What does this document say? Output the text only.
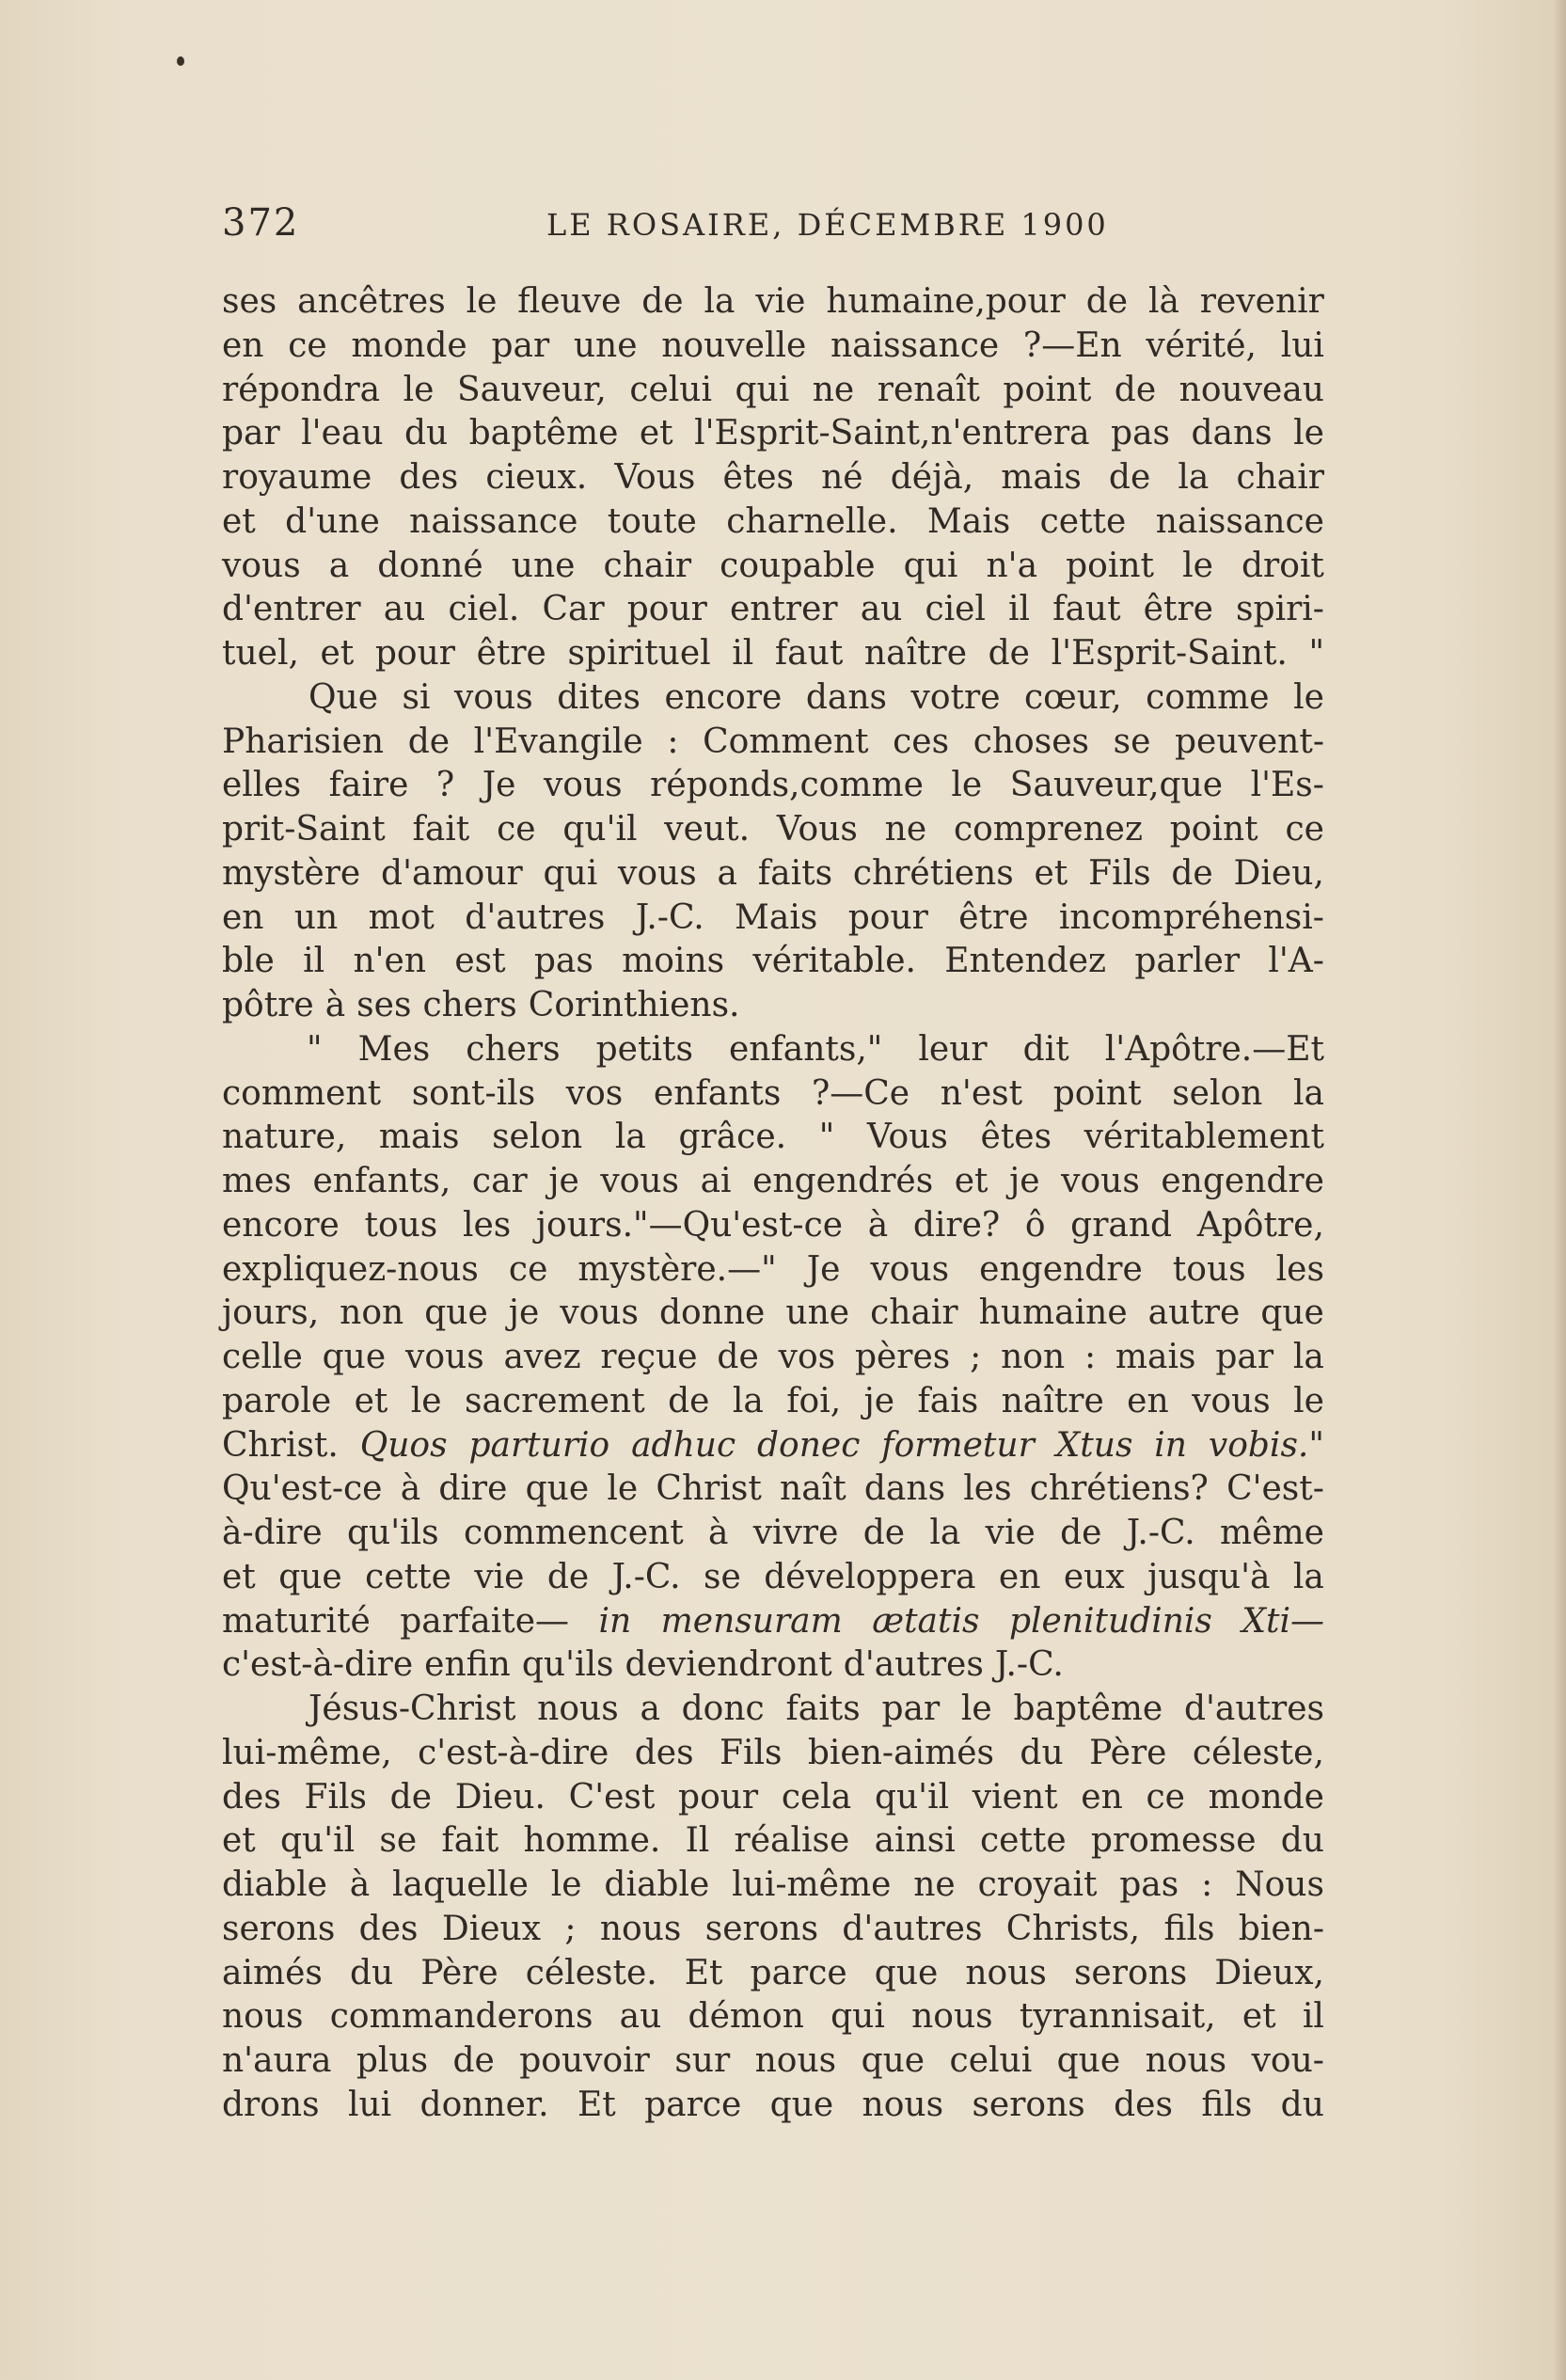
372	LE ROSAIRE, DÉCEMBRE 1900
ses ancêtres le fleuve de la vie humaine,pour de là revenir
en ce monde par une nouvelle naissance ?—En vérité, lui
répondra le Sauveur, celui qui ne renaît point de nouveau
par l'eau du baptême et l'Esprit-Saint,n'entrera pas dans le
royaume des cieux. Vous êtes né déjà, mais de la chair
et d'une naissance toute charnelle. Mais cette naissance
vous a donné une chair coupable qui n'a point le droit
d'entrer au ciel. Car pour entrer au ciel il faut être spiri-
tuel, et pour être spirituel il faut naître de l'Esprit-Saint. "
Que si vous dites encore dans votre cœur, comme le
Pharisien de l'Evangile : Comment ces choses se peuvent-
elles faire ? Je vous réponds,comme le Sauveur,que l'Es-
prit-Saint fait ce qu'il veut. Vous ne comprenez point ce
mystère d'amour qui vous a faits chrétiens et Fils de Dieu,
en un mot d'autres J.-C. Mais pour être incompréhensi-
ble il n'en est pas moins véritable. Entendez parler l'A-
pôtre à ses chers Corinthiens.
" Mes chers petits enfants," leur dit l'Apôtre.—Et
comment sont-ils vos enfants ?—Ce n'est point selon la
nature, mais selon la grâce. " Vous êtes véritablement
mes enfants, car je vous ai engendrés et je vous engendre
encore tous les jours."—Qu'est-ce à dire? ô grand Apôtre,
expliquez-nous ce mystère.—" Je vous engendre tous les
jours, non que je vous donne une chair humaine autre que
celle que vous avez reçue de vos pères ; non : mais par la
parole et le sacrement de la foi, je fais naître en vous le
Christ. Quos parturio adhuc donec formetur Xtus in vobis."
Qu'est-ce à dire que le Christ naît dans les chrétiens? C'est-
à-dire qu'ils commencent à vivre de la vie de J.-C. même
et que cette vie de J.-C. se développera en eux jusqu'à la
maturité parfaite— in mensuram ætatis plenitudinis Xti—
c'est-à-dire enfin qu'ils deviendront d'autres J.-C.
Jésus-Christ nous a donc faits par le baptême d'autres
lui-même, c'est-à-dire des Fils bien-aimés du Père céleste,
des Fils de Dieu. C'est pour cela qu'il vient en ce monde
et qu'il se fait homme. Il réalise ainsi cette promesse du
diable à laquelle le diable lui-même ne croyait pas : Nous
serons des Dieux ; nous serons d'autres Christs, fils bien-
aimés du Père céleste. Et parce que nous serons Dieux,
nous commanderons au démon qui nous tyrannisait, et il
n'aura plus de pouvoir sur nous que celui que nous vou-
drons lui donner. Et parce que nous serons des fils du
